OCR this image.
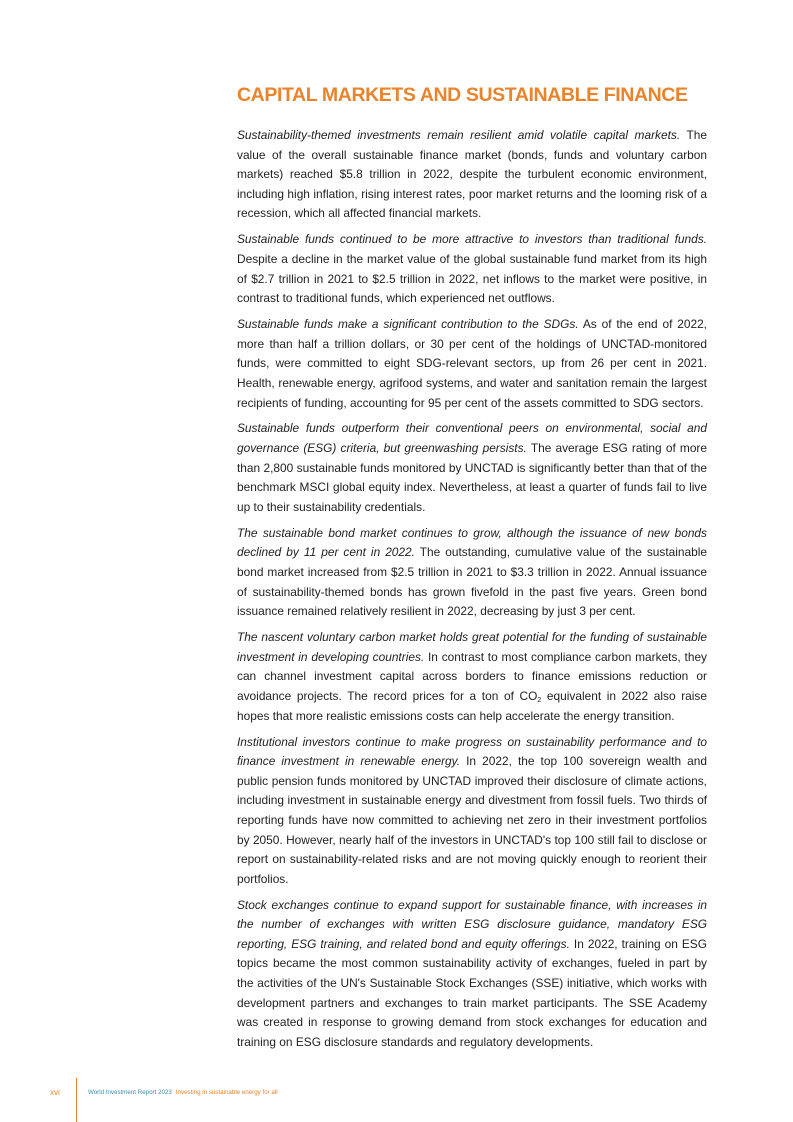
CAPITAL MARKETS AND SUSTAINABLE FINANCE

Sustainability-themed investments remain resilient amid volatile capital markets. The value of the overall sustainable finance market (bonds, funds and voluntary carbon markets) reached $5.8 trillion in 2022, despite the turbulent economic environment, including high inflation, rising interest rates, poor market returns and the looming risk of a recession, which all affected financial markets.

Sustainable funds continued to be more attractive to investors than traditional funds. Despite a decline in the market value of the global sustainable fund market from its high of $2.7 trillion in 2021 to $2.5 trillion in 2022, net inflows to the market were positive, in contrast to traditional funds, which experienced net outflows.

Sustainable funds make a significant contribution to the SDGs. As of the end of 2022, more than half a trillion dollars, or 30 per cent of the holdings of UNCTAD-monitored funds, were committed to eight SDG-relevant sectors, up from 26 per cent in 2021. Health, renewable energy, agrifood systems, and water and sanitation remain the largest recipients of funding, accounting for 95 per cent of the assets committed to SDG sectors.

Sustainable funds outperform their conventional peers on environmental, social and governance (ESG) criteria, but greenwashing persists. The average ESG rating of more than 2,800 sustainable funds monitored by UNCTAD is significantly better than that of the benchmark MSCI global equity index. Nevertheless, at least a quarter of funds fail to live up to their sustainability credentials.

The sustainable bond market continues to grow, although the issuance of new bonds declined by 11 per cent in 2022. The outstanding, cumulative value of the sustainable bond market increased from $2.5 trillion in 2021 to $3.3 trillion in 2022. Annual issuance of sustainability-themed bonds has grown fivefold in the past five years. Green bond issuance remained relatively resilient in 2022, decreasing by just 3 per cent.

The nascent voluntary carbon market holds great potential for the funding of sustainable investment in developing countries. In contrast to most compliance carbon markets, they can channel investment capital across borders to finance emissions reduction or avoidance projects. The record prices for a ton of $CO_2$ equivalent in 2022 also raise hopes that more realistic emissions costs can help accelerate the energy transition.

Institutional investors continue to make progress on sustainability performance and to finance investment in renewable energy. In 2022, the top 100 sovereign wealth and public pension funds monitored by UNCTAD improved their disclosure of climate actions, including investment in sustainable energy and divestment from fossil fuels. Two thirds of reporting funds have now committed to achieving net zero in their investment portfolios by 2050. However, nearly half of the investors in UNCTAD's top 100 still fail to disclose or report on sustainability-related risks and are not moving quickly enough to reorient their portfolios.

Stock exchanges continue to expand support for sustainable finance, with increases in the number of exchanges with written ESG disclosure guidance, mandatory ESG reporting, ESG training, and related bond and equity offerings. In 2022, training on ESG topics became the most common sustainability activity of exchanges, fueled in part by the activities of the UN's Sustainable Stock Exchanges (SSE) initiative, which works with development partners and exchanges to train market participants. The SSE Academy was created in response to growing demand from stock exchanges for education and training on ESG disclosure standards and regulatory developments.

xvi	World Investment Report 2023 Investing in sustainable energy for all
